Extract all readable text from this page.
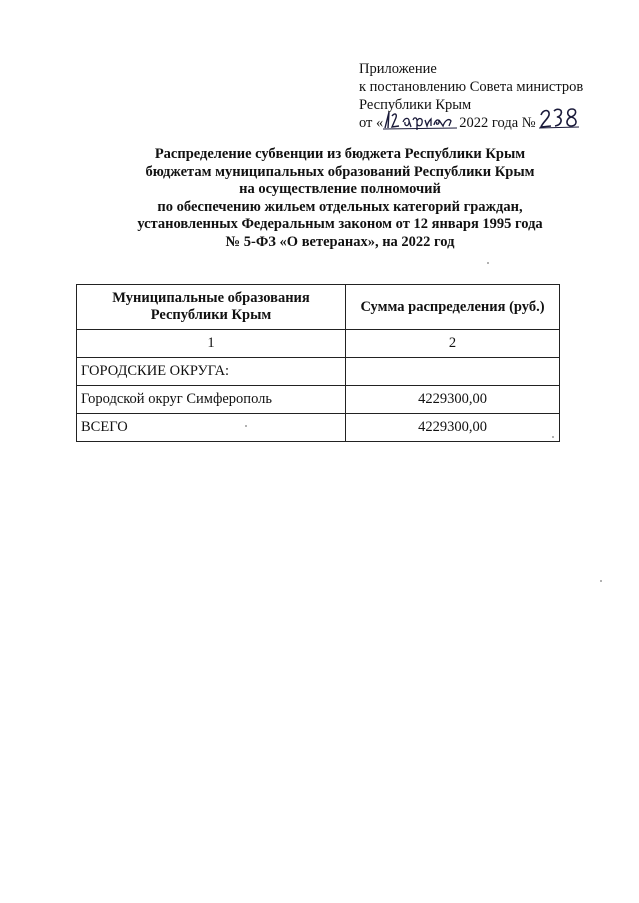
Приложение
к постановлению Совета министров
Республики Крым
от «	2022 года №
Распределение субвенции из бюджета Республики Крым
бюджетам муниципальных образований Республики Крым
на осуществление полномочий
по обеспечению жильем отдельных категорий граждан,
установленных Федеральным законом от 12 января 1995 года
№ 5-ФЗ «О ветеранах», на 2022 год
Муниципальные образования
Республики Крым	Сумма распределения (руб.)
1	2
ГОРОДСКИЕ ОКРУГА:	
Городской округ Симферополь	4229300,00
ВСЕГО	4229300,00
